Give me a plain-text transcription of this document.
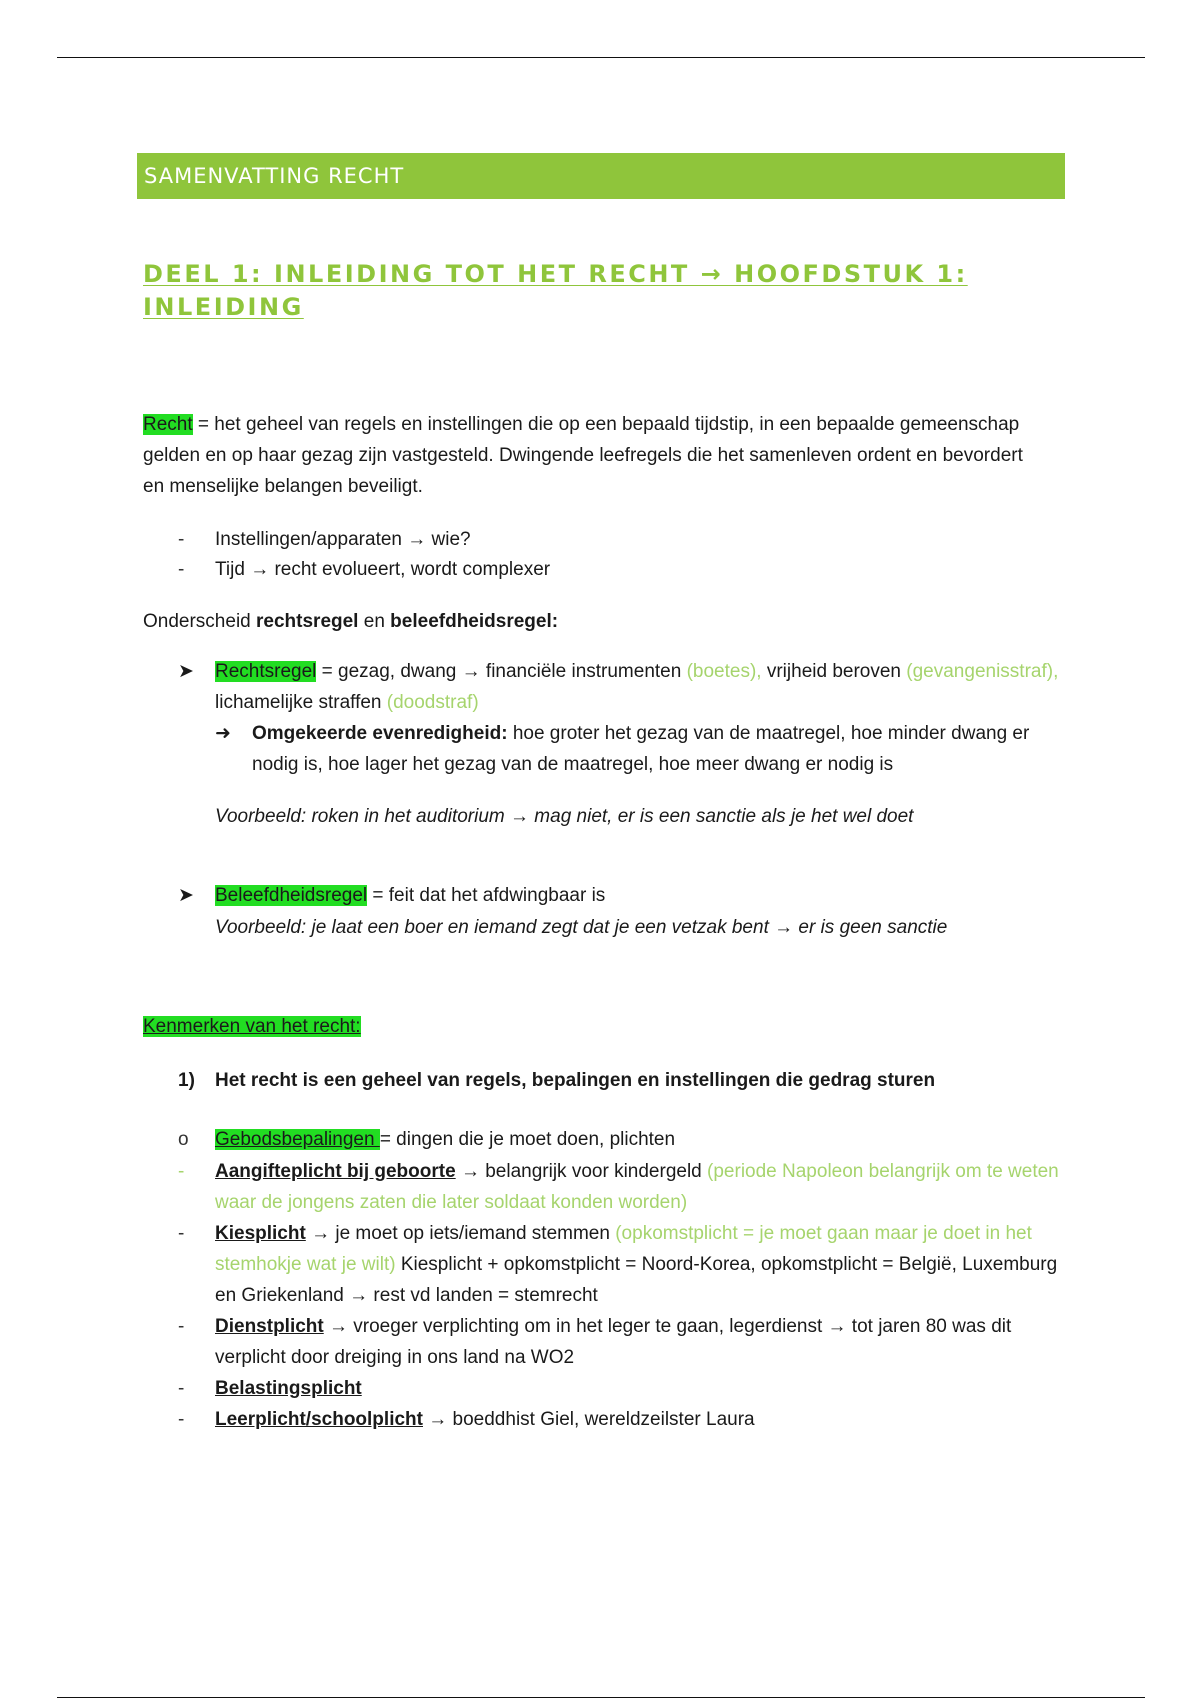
SAMENVATTING RECHT
DEEL 1: INLEIDING TOT HET RECHT → HOOFDSTUK 1: INLEIDING

Recht = het geheel van regels en instellingen die op een bepaald tijdstip, in een bepaalde gemeenschap gelden en op haar gezag zijn vastgesteld. Dwingende leefregels die het samenleven ordent en bevordert en menselijke belangen beveiligt.

-	Instellingen/apparaten → wie?
-	Tijd → recht evolueert, wordt complexer

Onderscheid rechtsregel en beleefdheidsregel:

➤ Rechtsregel = gezag, dwang → financiële instrumenten (boetes), vrijheid beroven (gevangenisstraf), lichamelijke straffen (doodstraf)

➜	Omgekeerde evenredigheid: hoe groter het gezag van de maatregel, hoe minder dwang er nodig is, hoe lager het gezag van de maatregel, hoe meer dwang er nodig is

Voorbeeld: roken in het auditorium → mag niet, er is een sanctie als je het wel doet

➤ Beleefdheidsregel = feit dat het afdwingbaar is

Voorbeeld: je laat een boer en iemand zegt dat je een vetzak bent → er is geen sanctie

Kenmerken van het recht:

1) Het recht is een geheel van regels, bepalingen en instellingen die gedrag sturen
o	Gebodsbepalingen = dingen die je moet doen, plichten

-	Aangifteplicht bij geboorte → belangrijk voor kindergeld (periode Napoleon belangrijk om te weten waar de jongens zaten die later soldaat konden worden)

-	Kiesplicht → je moet op iets/iemand stemmen (opkomstplicht = je moet gaan maar je doet in het stemhokje wat je wilt) Kiesplicht + opkomstplicht = Noord-Korea, opkomstplicht = België, Luxemburg en Griekenland → rest vd landen = stemrecht

-	Dienstplicht → vroeger verplichting om in het leger te gaan, legerdienst → tot jaren 80 was dit verplicht door dreiging in ons land na WO2

-	Belastingsplicht

-	Leerplicht/schoolplicht → boeddhist Giel, wereldzeilster Laura
